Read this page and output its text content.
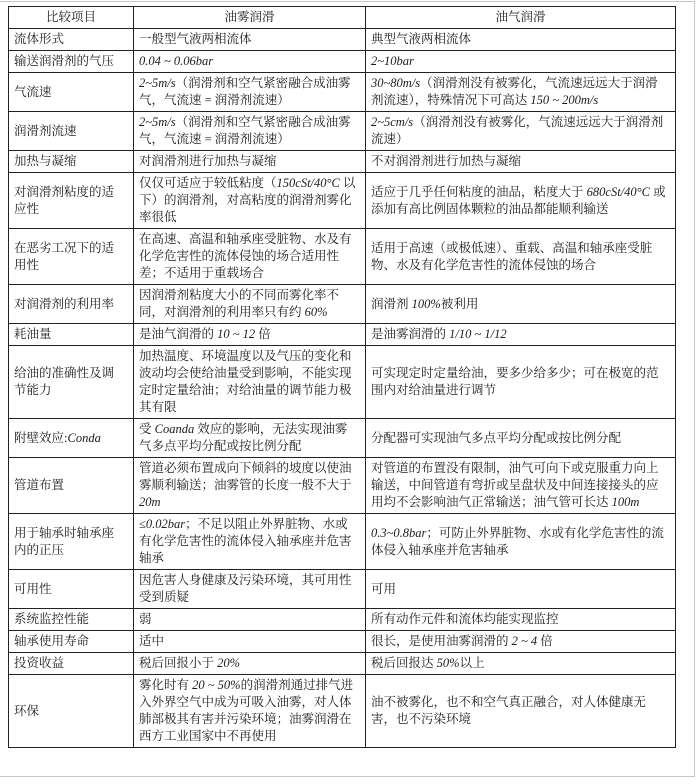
比较项目	油雾润滑	油气润滑
流体形式	一般型气液两相流体	典型气液两相流体
输送润滑剂的气压	0.04 ~ 0.06bar	2~10bar
气流速	2~5m/s（润滑剂和空气紧密融合成油雾气，气流速 = 润滑剂流速）	30~80m/s（润滑剂没有被雾化，气流速远远大于润滑剂流速），特殊情况下可高达 150 ~ 200m/s
润滑剂流速	2~5m/s（润滑剂和空气紧密融合成油雾气，气流速 = 润滑剂流速）	2~5cm/s（润滑剂没有被雾化，气流速远远大于润滑剂流速）
加热与凝缩	对润滑剂进行加热与凝缩	不对润滑剂进行加热与凝缩
对润滑剂粘度的适应性	仅仅可适应于较低粘度（150cSt/40°C 以下）的润滑剂，对高粘度的润滑剂雾化率很低	适应于几乎任何粘度的油品，粘度大于 680cSt/40°C 或添加有高比例固体颗粒的油品都能顺利输送
在恶劣工况下的适用性	在高速、高温和轴承座受脏物、水及有化学危害性的流体侵蚀的场合适用性差；不适用于重载场合	适用于高速（或极低速）、重载、高温和轴承座受脏物、水及有化学危害性的流体侵蚀的场合
对润滑剂的利用率	因润滑剂粘度大小的不同而雾化率不同，对润滑剂的利用率只有约 60%	润滑剂 100%被利用
耗油量	是油气润滑的 10 ~ 12 倍	是油雾润滑的 1/10 ~ 1/12
给油的准确性及调节能力	加热温度、环境温度以及气压的变化和波动均会使给油量受到影响，不能实现定时定量给油；对给油量的调节能力极其有限	可实现定时定量给油，要多少给多少；可在极宽的范围内对给油量进行调节
附壁效应:Conda	受 Coanda 效应的影响，无法实现油雾气多点平均分配或按比例分配	分配器可实现油气多点平均分配或按比例分配
管道布置	管道必须布置成向下倾斜的坡度以使油雾顺利输送；油雾管的长度一般不大于 20m	对管道的布置没有限制，油气可向下或克服重力向上输送，中间管道有弯折或呈盘状及中间连接接头的应用均不会影响油气正常输送；油气管可长达 100m
用于轴承时轴承座内的正压	≤0.02bar；不足以阻止外界脏物、水或有化学危害性的流体侵入轴承座并危害轴承	0.3~0.8bar；可防止外界脏物、水或有化学危害性的流体侵入轴承座并危害轴承
可用性	因危害人身健康及污染环境，其可用性受到质疑	可用
系统监控性能	弱	所有动作元件和流体均能实现监控
轴承使用寿命	适中	很长，是使用油雾润滑的 2 ~ 4 倍
投资收益	税后回报小于 20%	税后回报达 50%以上
环保	雾化时有 20 ~ 50%的润滑剂通过排气进入外界空气中成为可吸入油雾，对人体肺部极其有害并污染环境；油雾润滑在西方工业国家中不再使用	油不被雾化，也不和空气真正融合，对人体健康无害，也不污染环境
